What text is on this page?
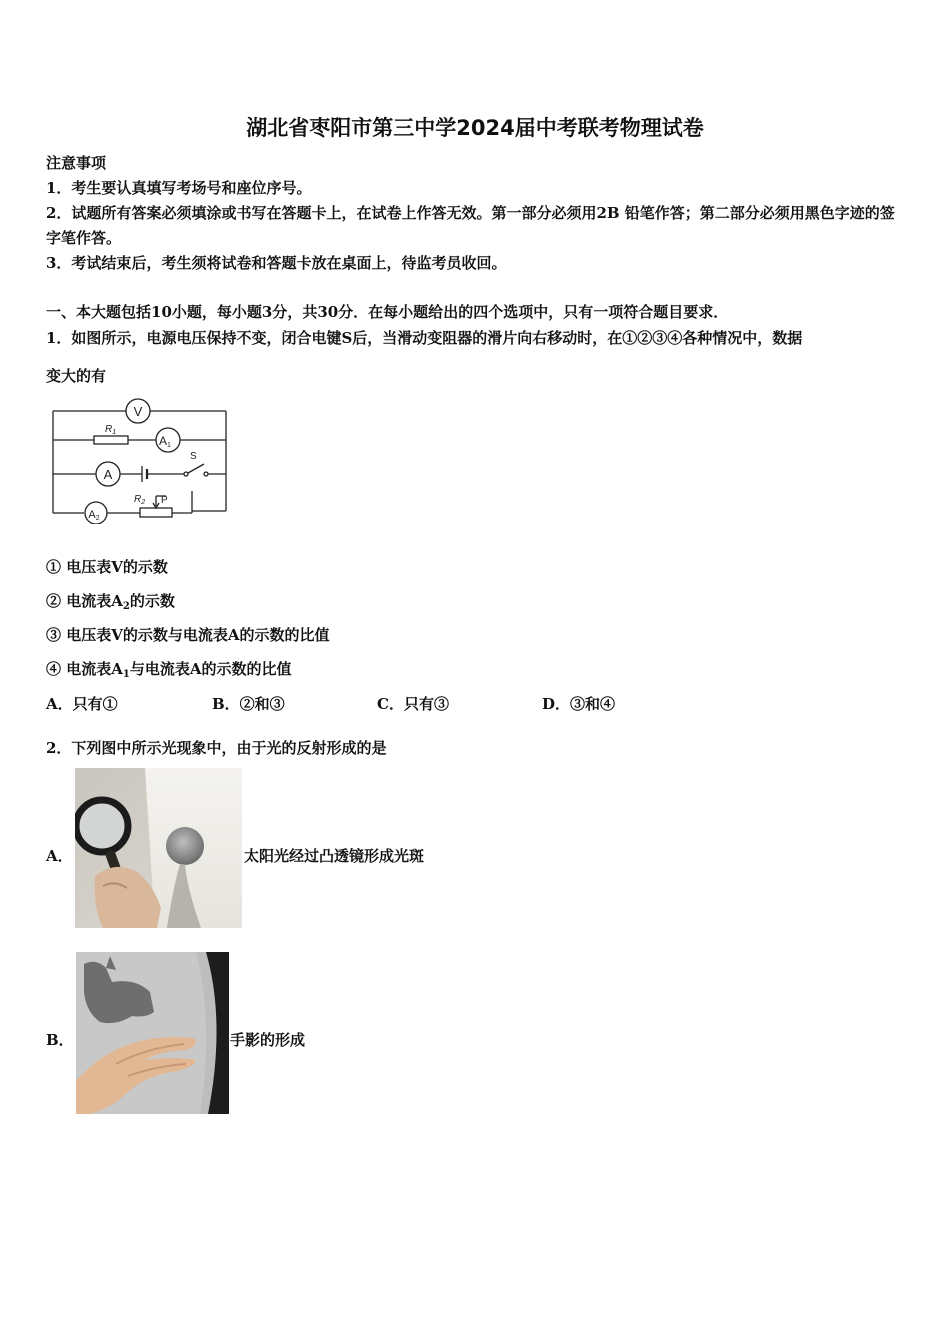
湖北省枣阳市第三中学2024届中考联考物理试卷
注意事项
1．考生要认真填写考场号和座位序号。
2．试题所有答案必须填涂或书写在答题卡上，在试卷上作答无效。第一部分必须用2B 铅笔作答；第二部分必须用黑色字迹的签字笔作答。
3．考试结束后，考生须将试卷和答题卡放在桌面上，待监考员收回。
一、本大题包括10小题，每小题3分，共30分．在每小题给出的四个选项中，只有一项符合题目要求．
1．如图所示，电源电压保持不变，闭合电键S后，当滑动变阻器的滑片向右移动时，在①②③④各种情况中，数据
变大的有
V
$R_1$
A1
A
S
A2
$R_2$ P
① 电压表V的示数
② 电流表$A_2$的示数
③ 电压表V的示数与电流表A的示数的比值
④ 电流表$A_1$与电流表A的示数的比值
A．只有①	B．②和③	C．只有③	D．③和④
2．下列图中所示光现象中，由于光的反射形成的是
A．	太阳光经过凸透镜形成光斑
B．	手影的形成
